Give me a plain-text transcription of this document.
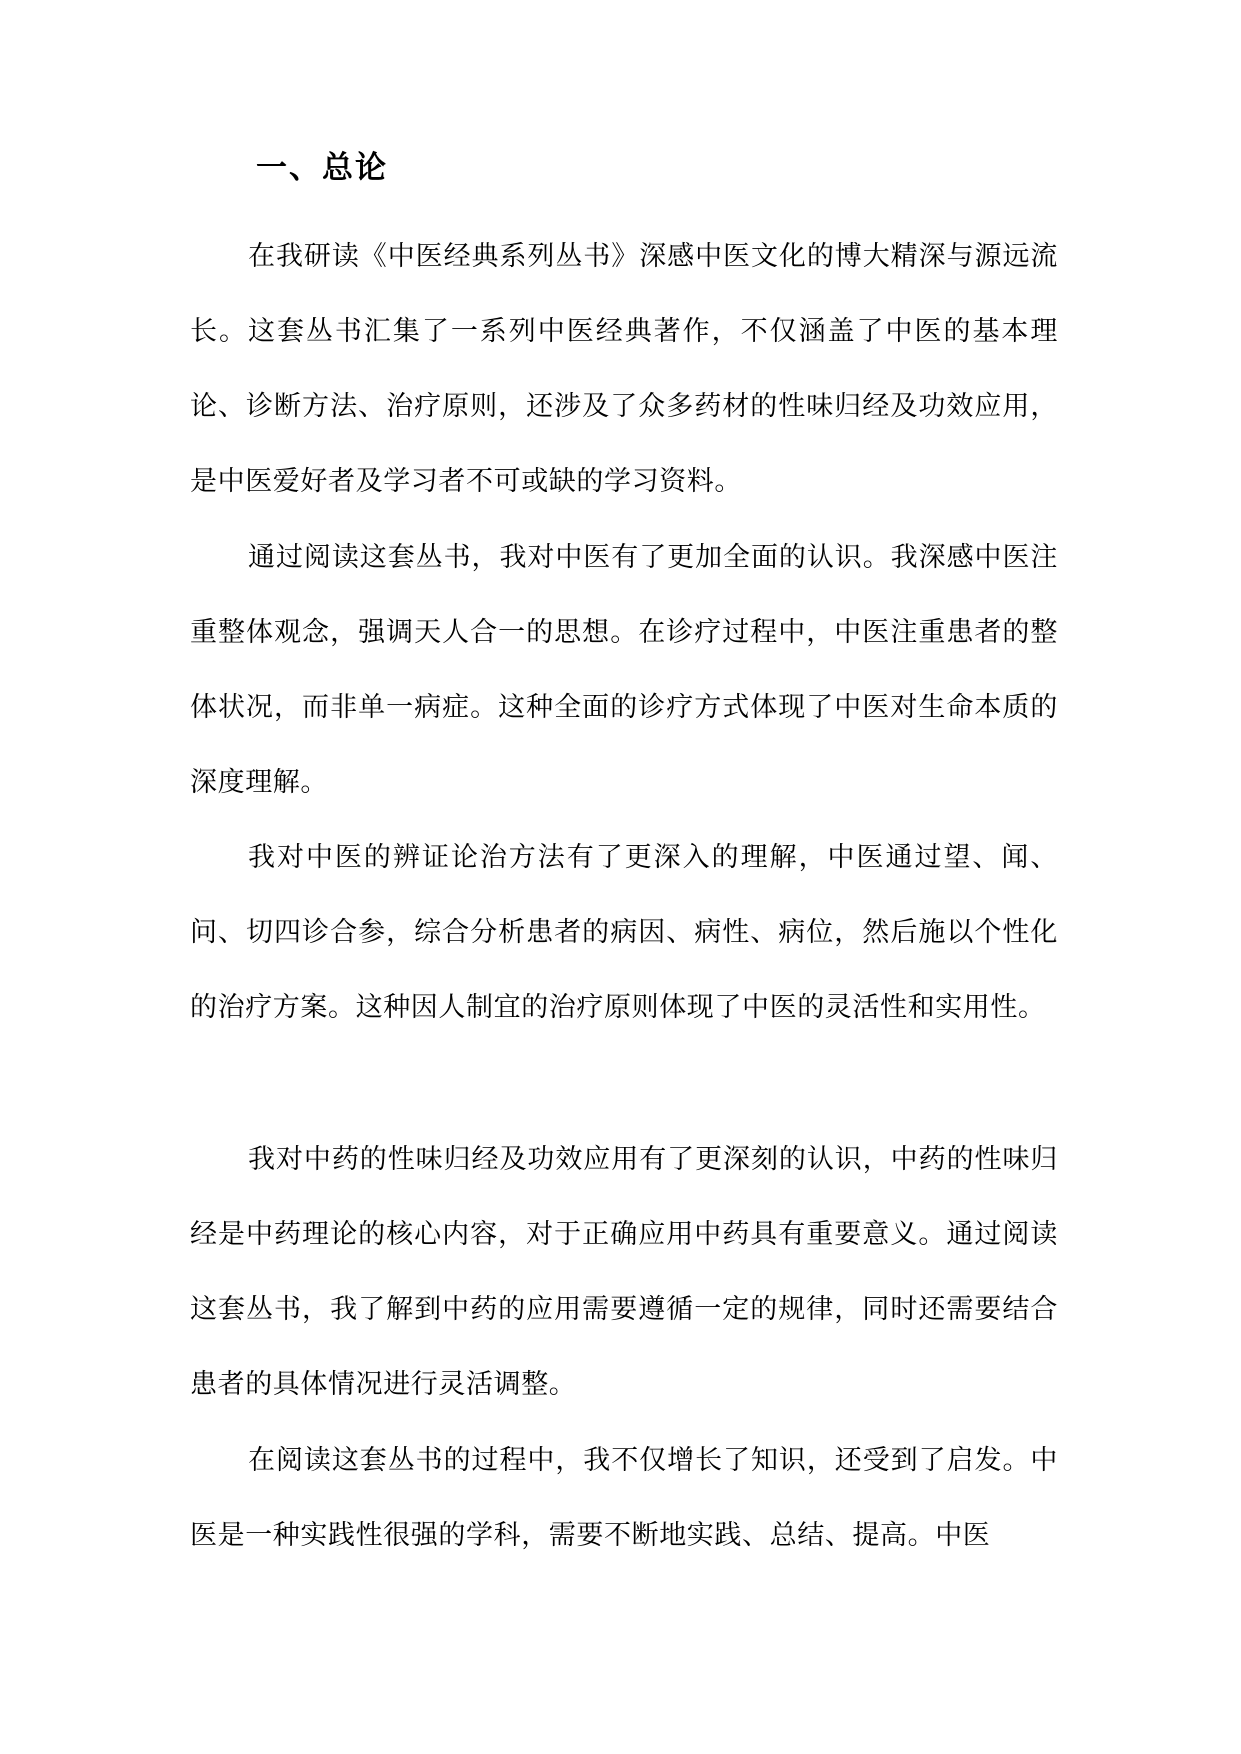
一、总论

在我研读《中医经典系列丛书》深感中医文化的博大精深与源远流长。这套丛书汇集了一系列中医经典著作，不仅涵盖了中医的基本理论、诊断方法、治疗原则，还涉及了众多药材的性味归经及功效应用，是中医爱好者及学习者不可或缺的学习资料。

通过阅读这套丛书，我对中医有了更加全面的认识。我深感中医注重整体观念，强调天人合一的思想。在诊疗过程中，中医注重患者的整体状况，而非单一病症。这种全面的诊疗方式体现了中医对生命本质的深度理解。

我对中医的辨证论治方法有了更深入的理解，中医通过望、闻、问、切四诊合参，综合分析患者的病因、病性、病位，然后施以个性化的治疗方案。这种因人制宜的治疗原则体现了中医的灵活性和实用性。

我对中药的性味归经及功效应用有了更深刻的认识，中药的性味归经是中药理论的核心内容，对于正确应用中药具有重要意义。通过阅读这套丛书，我了解到中药的应用需要遵循一定的规律，同时还需要结合患者的具体情况进行灵活调整。

在阅读这套丛书的过程中，我不仅增长了知识，还受到了启发。中医是一种实践性很强的学科，需要不断地实践、总结、提高。中医
